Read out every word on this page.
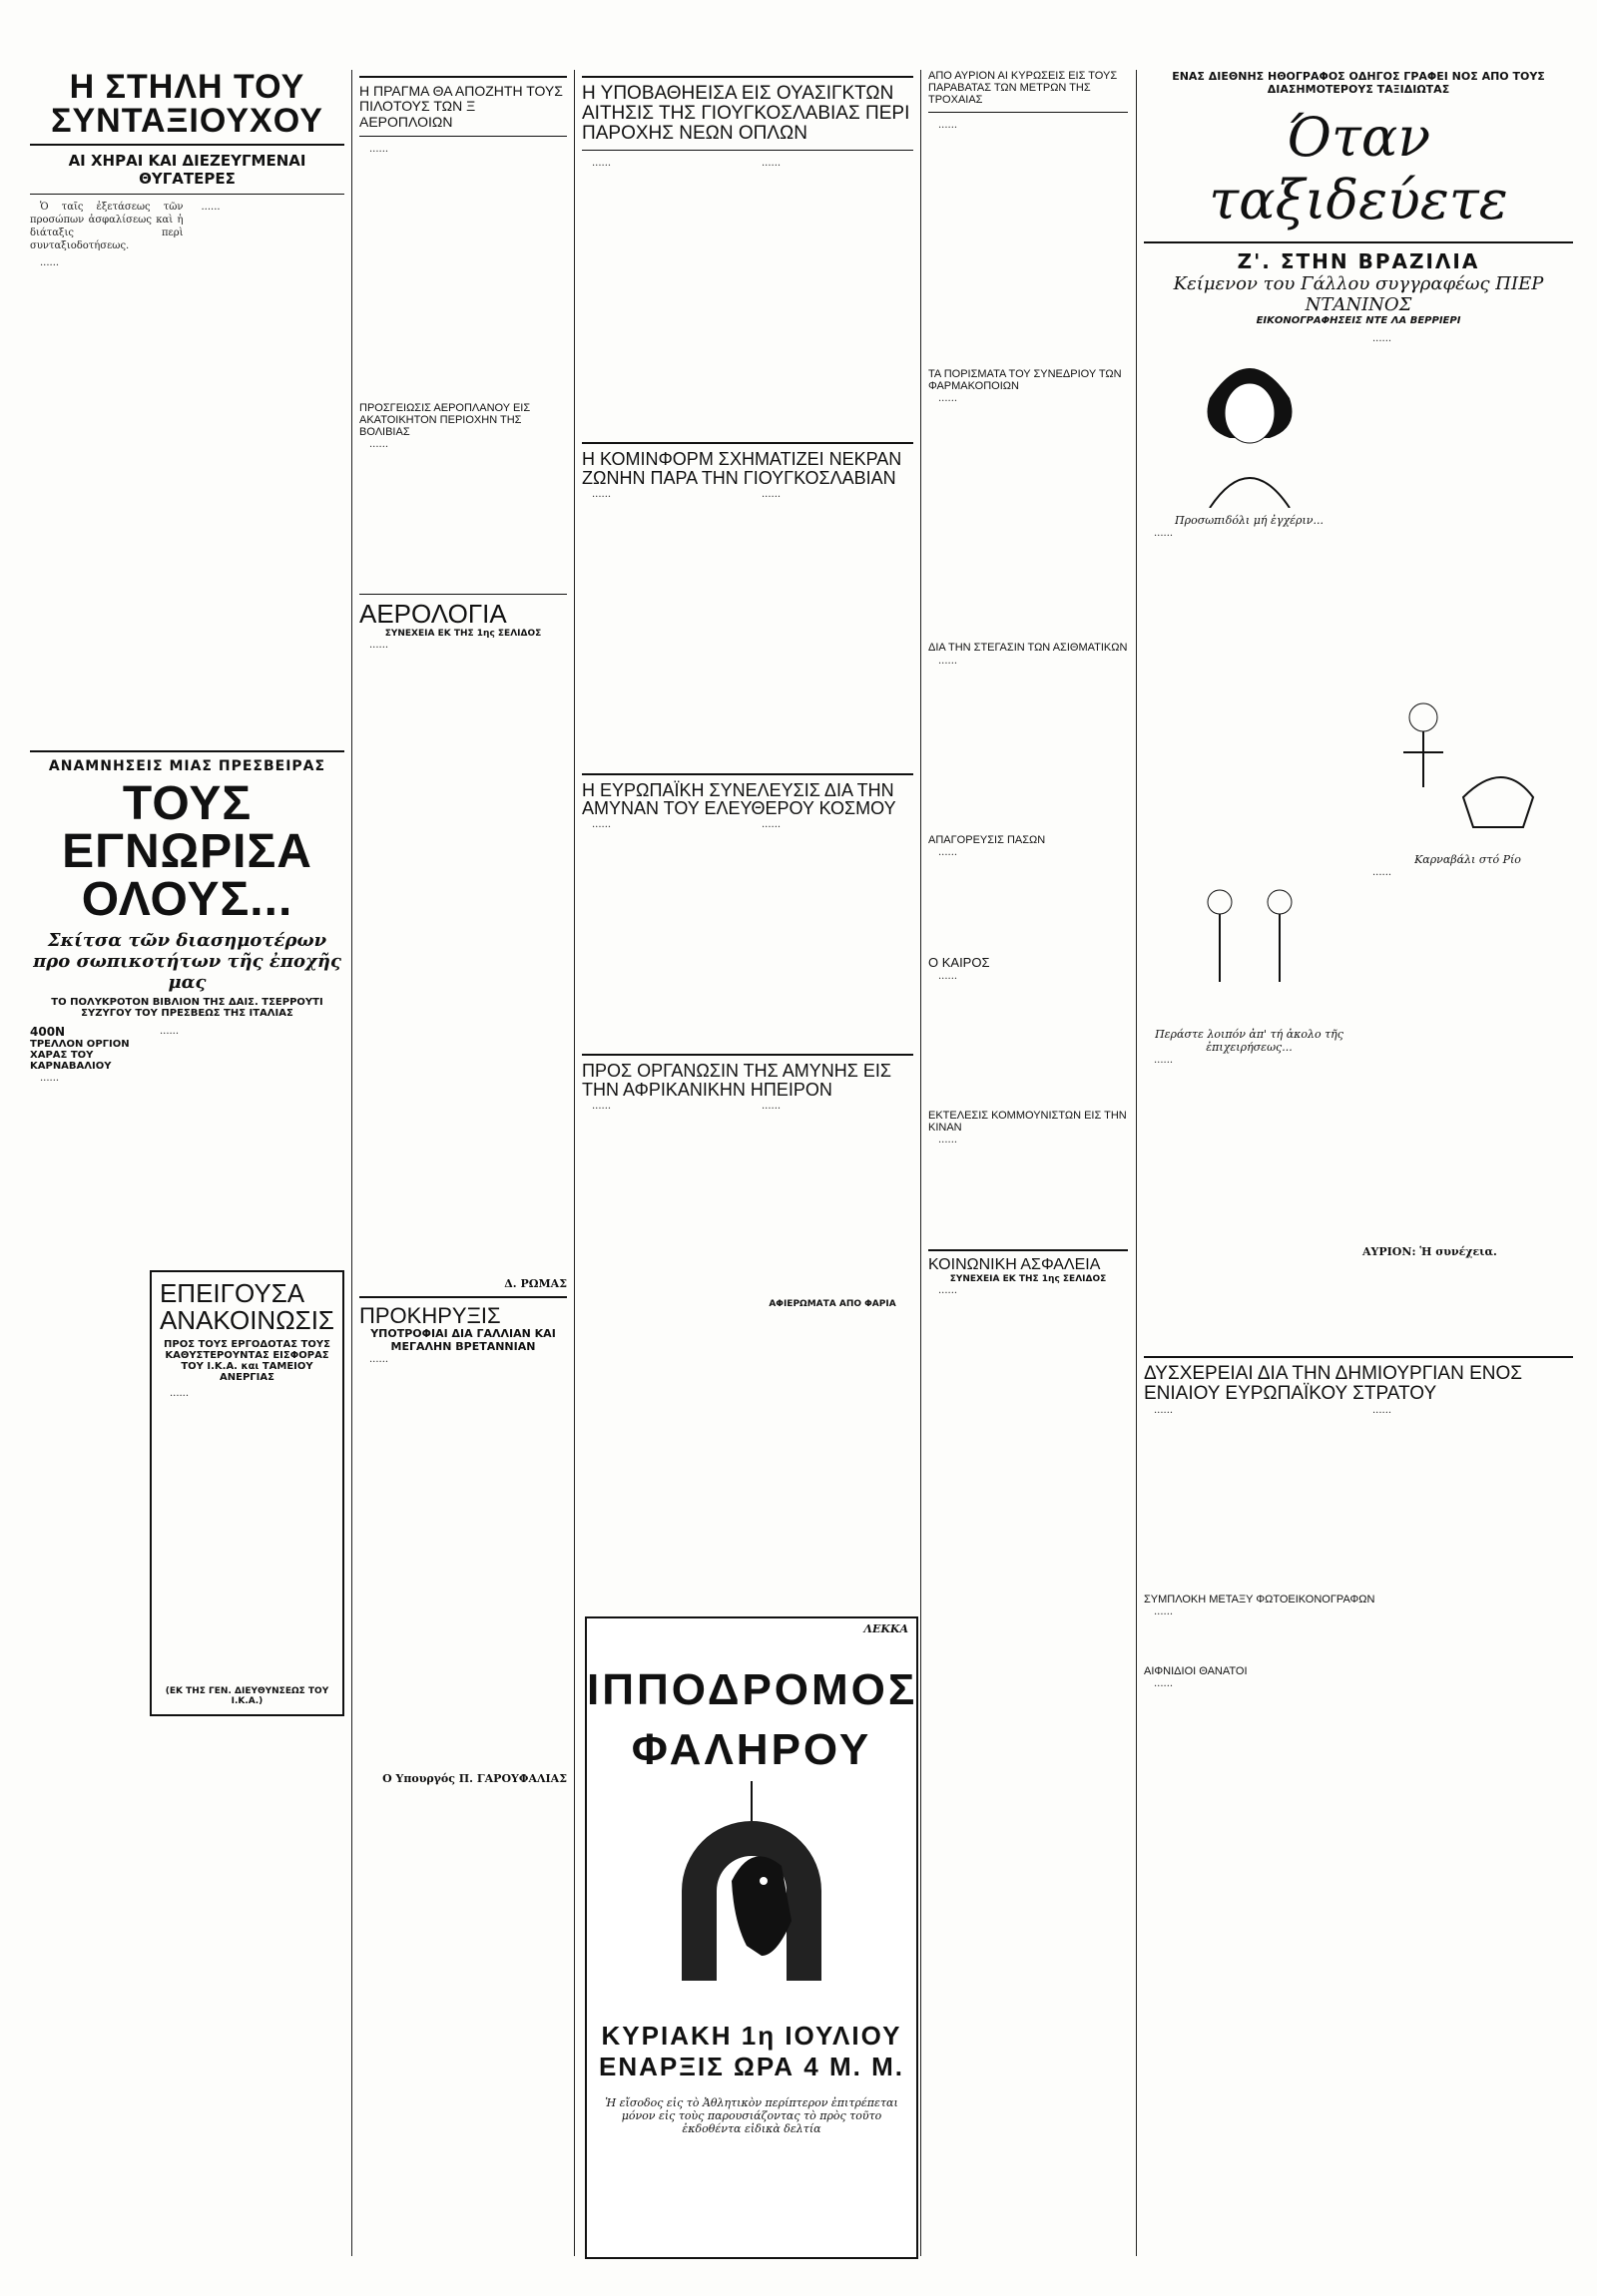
Η ΣΤΗΛΗ ΤΟΥ ΣΥΝΤΑΞΙΟΥΧΟΥ
ΑΙ ΧΗΡΑΙ ΚΑΙ ΔΙΕΖΕΥΓΜΕΝΑΙ ΘΥΓΑΤΕΡΕΣ

Ὁ ταῖς ἐξετάσεως τῶν προσώπων ἀσφαλίσεως καὶ ἡ διάταξις περὶ συνταξιοδοτήσεως.

......

......

ΑΝΑΜΝΗΣΕΙΣ ΜΙΑΣ ΠΡΕΣΒΕΙΡΑΣ
ΤΟΥΣ ΕΓΝΩΡΙΣΑ ΟΛΟΥΣ...
Σκίτσα τῶν διασημοτέρων προ σωπικοτήτων τῆς ἐποχῆς μας
ΤΟ ΠΟΛΥΚΡΟΤΟΝ ΒΙΒΛΙΟΝ ΤΗΣ ΔΑΙΣ. ΤΣΕΡΡΟΥΤΙ ΣΥΖΥΓΟΥ ΤΟΥ ΠΡΕΣΒΕΩΣ ΤΗΣ ΙΤΑΛΙΑΣ
400Ν
ΤΡΕΛΛΟΝ ΟΡΓΙΟΝ ΧΑΡΑΣ ΤΟΥ ΚΑΡΝΑΒΑΛΙΟΥ

......

......

ΕΠΕΙΓΟΥΣΑ ΑΝΑΚΟΙΝΩΣΙΣ
ΠΡΟΣ ΤΟΥΣ ΕΡΓΟΔΟΤΑΣ ΤΟΥΣ ΚΑΘΥΣΤΕΡΟΥΝΤΑΣ ΕΙΣΦΟΡΑΣ ΤΟΥ Ι.Κ.Α. και ΤΑΜΕΙΟΥ ΑΝΕΡΓΙΑΣ

......

(ΕΚ ΤΗΣ ΓΕΝ. ΔΙΕΥΘΥΝΣΕΩΣ ΤΟΥ Ι.Κ.Α.)
Η ΠΡΑΓΜΑ ΘΑ ΑΠΟΖΗΤΗ ΤΟΥΣ ΠΙΛΟΤΟΥΣ ΤΩΝ Ξ ΑΕΡΟΠΛΟΙΩΝ

......

ΠΡΟΣΓΕΙΩΣΙΣ ΑΕΡΟΠΛΑΝΟΥ ΕΙΣ ΑΚΑΤΟΙΚΗΤΟΝ ΠΕΡΙΟΧΗΝ ΤΗΣ ΒΟΛΙΒΙΑΣ

......

ΑΕΡΟΛΟΓΙΑ
ΣΥΝΕΧΕΙΑ ΕΚ ΤΗΣ 1ης ΣΕΛΙΔΟΣ

......

Δ. ΡΩΜΑΣ
ΠΡΟΚΗΡΥΞΙΣ
ΥΠΟΤΡΟΦΙΑΙ ΔΙΑ ΓΑΛΛΙΑΝ ΚΑΙ ΜΕΓΑΛΗΝ ΒΡΕΤΑΝΝΙΑΝ

......

Ο Υπουργός Π. ΓΑΡΟΥΦΑΛΙΑΣ
Η ΥΠΟΒΑΘΗΕΙΣΑ ΕΙΣ ΟΥΑΣΙΓΚΤΩΝ ΑΙΤΗΣΙΣ ΤΗΣ ΓΙΟΥΓΚΟΣΛΑΒΙΑΣ ΠΕΡΙ ΠΑΡΟΧΗΣ ΝΕΩΝ ΟΠΛΩΝ

......	......

Η ΚΟΜΙΝΦΟΡΜ ΣΧΗΜΑΤΙΖΕΙ ΝΕΚΡΑΝ ΖΩΝΗΝ ΠΑΡΑ ΤΗΝ ΓΙΟΥΓΚΟΣΛΑΒΙΑΝ

......	......

Η ΕΥΡΩΠΑΪΚΗ ΣΥΝΕΛΕΥΣΙΣ ΔΙΑ ΤΗΝ ΑΜΥΝΑΝ ΤΟΥ ΕΛΕΥΘΕΡΟΥ ΚΟΣΜΟΥ

......	......

ΠΡΟΣ ΟΡΓΑΝΩΣΙΝ ΤΗΣ ΑΜΥΝΗΣ ΕΙΣ ΤΗΝ ΑΦΡΙΚΑΝΙΚΗΝ ΗΠΕΙΡΟΝ

......	......

ΑΦΙΕΡΩΜΑΤΑ ΑΠΟ ΦΑΡΙΑ
ΛΕΚΚΑ
ΙΠΠΟΔΡΟΜΟΣ
ΦΑΛΗΡΟΥ
ΚΥΡΙΑΚΗ 1η ΙΟΥΛΙΟΥ
ΕΝΑΡΞΙΣ ΩΡΑ 4 Μ. Μ.
Ἡ εἴσοδος εἰς τὸ Ἀθλητικὸν περίπτερον ἐπιτρέπεται μόνον εἰς τοὺς παρουσιάζοντας τὸ πρὸς τοῦτο ἐκδοθέντα εἰδικὰ δελτία
ΑΠΟ ΑΥΡΙΟΝ ΑΙ ΚΥΡΩΣΕΙΣ ΕΙΣ ΤΟΥΣ ΠΑΡΑΒΑΤΑΣ ΤΩΝ ΜΕΤΡΩΝ ΤΗΣ ΤΡΟΧΑΙΑΣ

......

ΤΑ ΠΟΡΙΣΜΑΤΑ ΤΟΥ ΣΥΝΕΔΡΙΟΥ ΤΩΝ ΦΑΡΜΑΚΟΠΟΙΩΝ

......

ΔΙΑ ΤΗΝ ΣΤΕΓΑΣΙΝ ΤΩΝ ΑΣΙΘΜΑΤΙΚΩΝ

......

ΑΠΑΓΟΡΕΥΣΙΣ ΠΑΣΩΝ

......

Ο ΚΑΙΡΟΣ

......

ΕΚΤΕΛΕΣΙΣ ΚΟΜΜΟΥΝΙΣΤΩΝ ΕΙΣ ΤΗΝ ΚΙΝΑΝ

......

ΚΟΙΝΩΝΙΚΗ ΑΣΦΑΛΕΙΑ
ΣΥΝΕΧΕΙΑ ΕΚ ΤΗΣ 1ης ΣΕΛΙΔΟΣ

......

ΕΝΑΣ ΔΙΕΘΝΗΣ ΗΘΟΓΡΑΦΟΣ ΟΔΗΓΟΣ ΓΡΑΦΕΙ ΝΟΣ ΑΠΟ ΤΟΥΣ ΔΙΑΣΗΜΟΤΕΡΟΥΣ ΤΑΞΙΔΙΩΤΑΣ
Όταν ταξιδεύετε
Ζ'. ΣΤΗΝ ΒΡΑΖΙΛΙΑ
Κείμενον του Γάλλου συγγραφέως ΠΙΕΡ ΝΤΑΝΙΝΟΣ
ΕΙΚΟΝΟΓΡΑΦΗΣΕΙΣ ΝΤΕ ΛΑ ΒΕΡΡΙΕΡΙ
Προσωπιδόλι μή ἐγχέριν...

......

Περάστε λοιπόν ἀπ' τή ἀκολο τῆς ἐπιχειρήσεως...

......

......

Καρναβάλι στό Ρίο

......

ΑΥΡΙΟΝ: Ἡ συνέχεια.
ΔΥΣΧΕΡΕΙΑΙ ΔΙΑ ΤΗΝ ΔΗΜΙΟΥΡΓΙΑΝ ΕΝΟΣ ΕΝΙΑΙΟΥ ΕΥΡΩΠΑΪΚΟΥ ΣΤΡΑΤΟΥ

......	......

ΣΥΜΠΛΟΚΗ ΜΕΤΑΞΥ ΦΩΤΟΕΙΚΟΝΟΓΡΑΦΩΝ

......

ΑΙΦΝΙΔΙΟΙ ΘΑΝΑΤΟΙ

......
